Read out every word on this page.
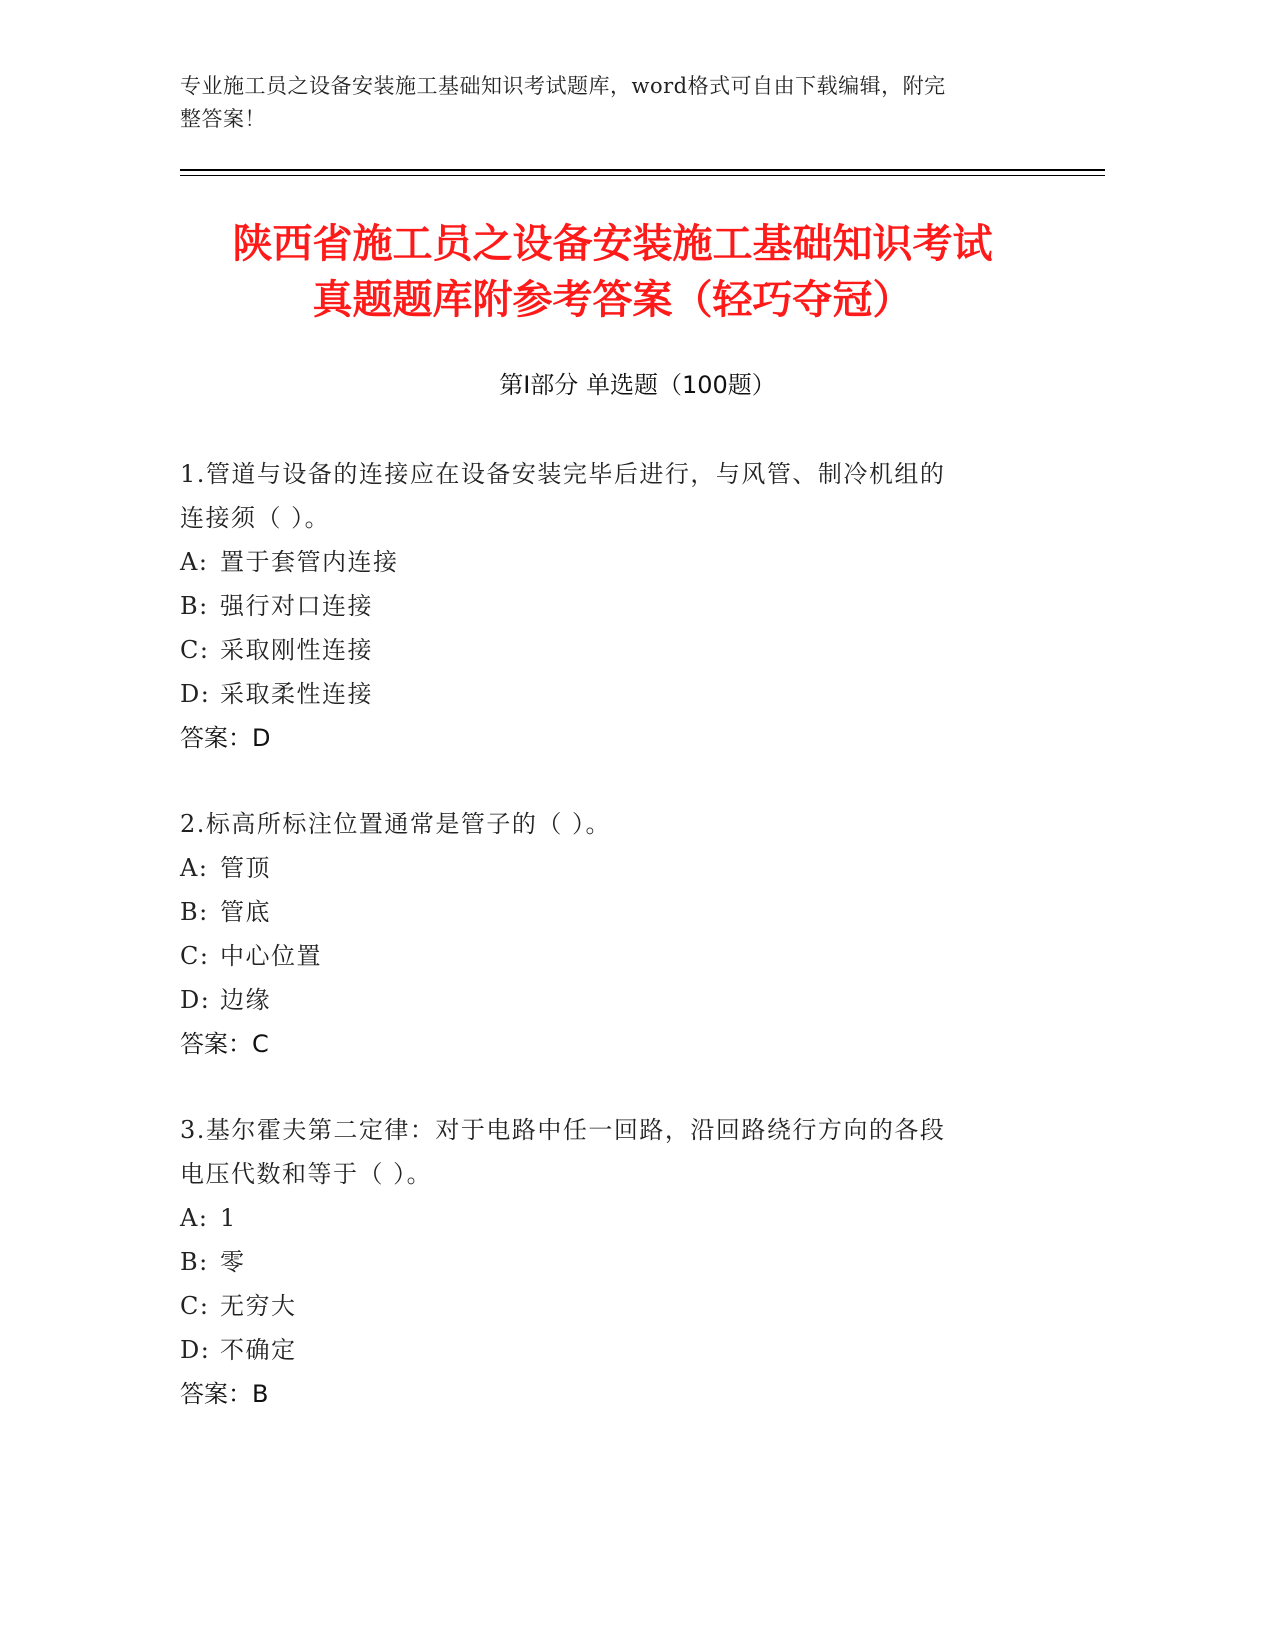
专业施工员之设备安装施工基础知识考试题库，word格式可自由下载编辑，附完
整答案！
陕西省施工员之设备安装施工基础知识考试
真题题库附参考答案（轻巧夺冠）
第Ⅰ部分 单选题（100题）
1.管道与设备的连接应在设备安装完毕后进行，与风管、制冷机组的
连接须（ ）。
A: 置于套管内连接
B: 强行对口连接
C: 采取刚性连接
D: 采取柔性连接
答案：D
2.标高所标注位置通常是管子的（ ）。
A: 管顶
B: 管底
C: 中心位置
D: 边缘
答案：C
3.基尔霍夫第二定律：对于电路中任一回路，沿回路绕行方向的各段
电压代数和等于（ ）。
A: 1
B: 零
C: 无穷大
D: 不确定
答案：B
